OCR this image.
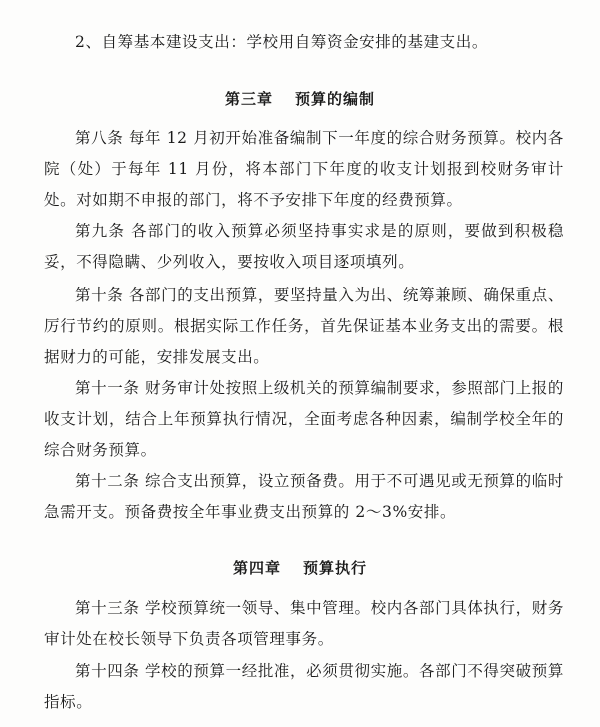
2、自筹基本建设支出：学校用自筹资金安排的基建支出。

第三章 预算的编制

第八条 每年 12 月初开始准备编制下一年度的综合财务预算。校内各院（处）于每年 11 月份，将本部门下年度的收支计划报到校财务审计处。对如期不申报的部门，将不予安排下年度的经费预算。

第九条 各部门的收入预算必须坚持事实求是的原则，要做到积极稳妥，不得隐瞒、少列收入，要按收入项目逐项填列。

第十条 各部门的支出预算，要坚持量入为出、统筹兼顾、确保重点、厉行节约的原则。根据实际工作任务，首先保证基本业务支出的需要。根据财力的可能，安排发展支出。

第十一条 财务审计处按照上级机关的预算编制要求，参照部门上报的收支计划，结合上年预算执行情况，全面考虑各种因素，编制学校全年的综合财务预算。

第十二条 综合支出预算，设立预备费。用于不可遇见或无预算的临时急需开支。预备费按全年事业费支出预算的 2～3%安排。

第四章 预算执行

第十三条 学校预算统一领导、集中管理。校内各部门具体执行，财务审计处在校长领导下负责各项管理事务。

第十四条 学校的预算一经批准，必须贯彻实施。各部门不得突破预算指标。
